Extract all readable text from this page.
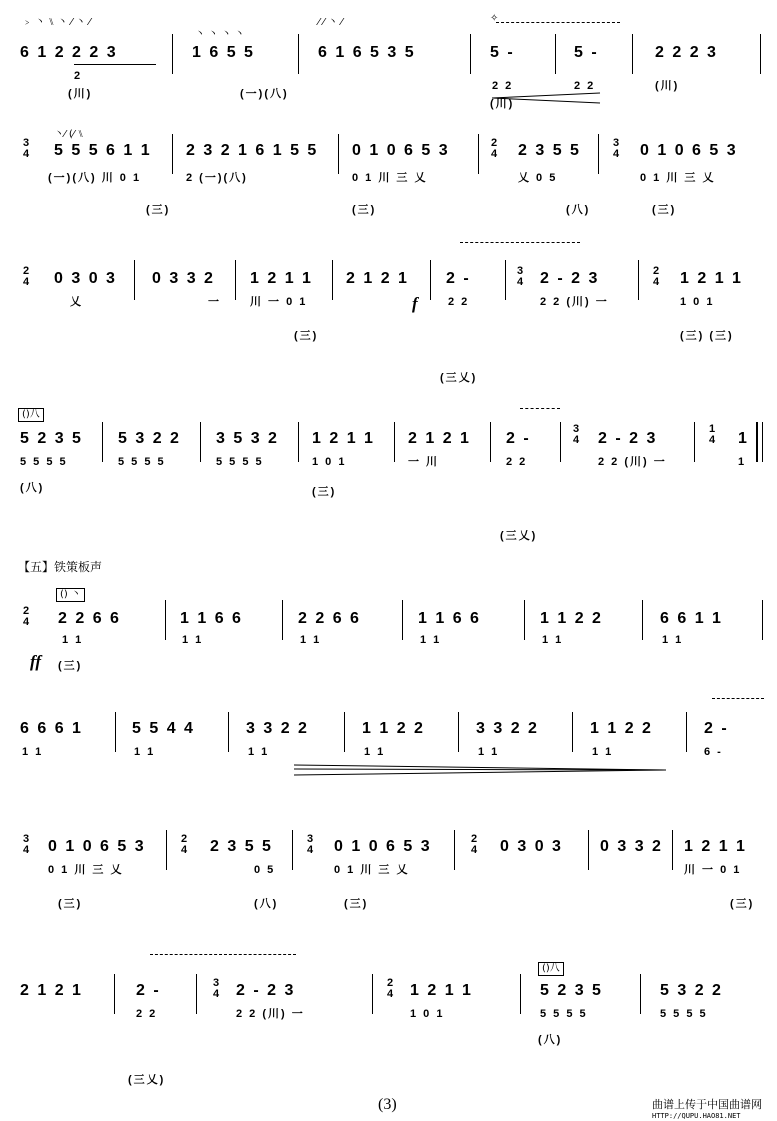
﹥ 丶 ⑊ 丶 ⁄ 丶 ⁄
6 1 2 2 2 3
2
(川)
丶 丶 丶 丶
1 6 5 5
(一)(八)
⁄ ⁄ 丶 ⁄
6 1 6 5 3 5
✧
5 -
2 2
(川)
5 -
2 2
2 2 2 3
(川)
3
4
丶⁄ (⁄ ⑊
5 5 5 6 1 1
(一)(八) 川 0 1
(三)
2 3 2 1 6 1 5 5
2 (一)(八)
0 1 0 6 5 3
0 1 川 三 乂
(三)
2
4 2 3 5 5
乂 0 5
(八)
3
4 0 1 0 6 5 3
0 1 川 三 乂
(三)
2
4 0 3 0 3
乂
0 3 3 2
一
1 2 1 1
川 一 0 1
(三)
2 1 2 1
f
2 -
2 2
(三乂)
3
4 2 - 2 3
2 2 (川) 一
2
4 1 2 1 1
1 0 1
(三) (三)
()八
5 2 3 5
5 5 5 5
(八)
5 3 2 2
5 5 5 5
3 5 3 2
5 5 5 5
1 2 1 1
1 0 1
(三)
2 1 2 1
一 川
2 -
2 2
(三乂)
3
4 2 - 2 3
2 2 (川) 一
1
4 1
1
【五】铁策板声
() 丶
2
4 2 2 6 6
1 1
ff (三)
1 1 6 6
1 1
2 2 6 6
1 1
1 1 6 6
1 1
1 1 2 2
1 1
6 6 1 1
1 1
6 6 6 1
1 1
5 5 4 4
1 1
3 3 2 2
1 1
1 1 2 2
1 1
3 3 2 2
1 1
1 1 2 2
1 1
2 -
6 -
3
4 0 1 0 6 5 3
0 1 川 三 乂
(三)
2
4 2 3 5 5
0 5
(八)
3
4 0 1 0 6 5 3
0 1 川 三 乂
(三)
2
4 0 3 0 3 0 3 3 2 1 2 1 1
川 一 0 1
(三)
2 1 2 1	2 -
2 2
(三乂)
3
4 2 - 2 3
2 2 (川) 一
2
4 1 2 1 1
1 0 1
()八
5 2 3 5
5 5 5 5
(八)
5 3 2 2
5 5 5 5
(3)	曲谱上传于中国曲谱网
HTTP://QUPU.HAO81.NET
